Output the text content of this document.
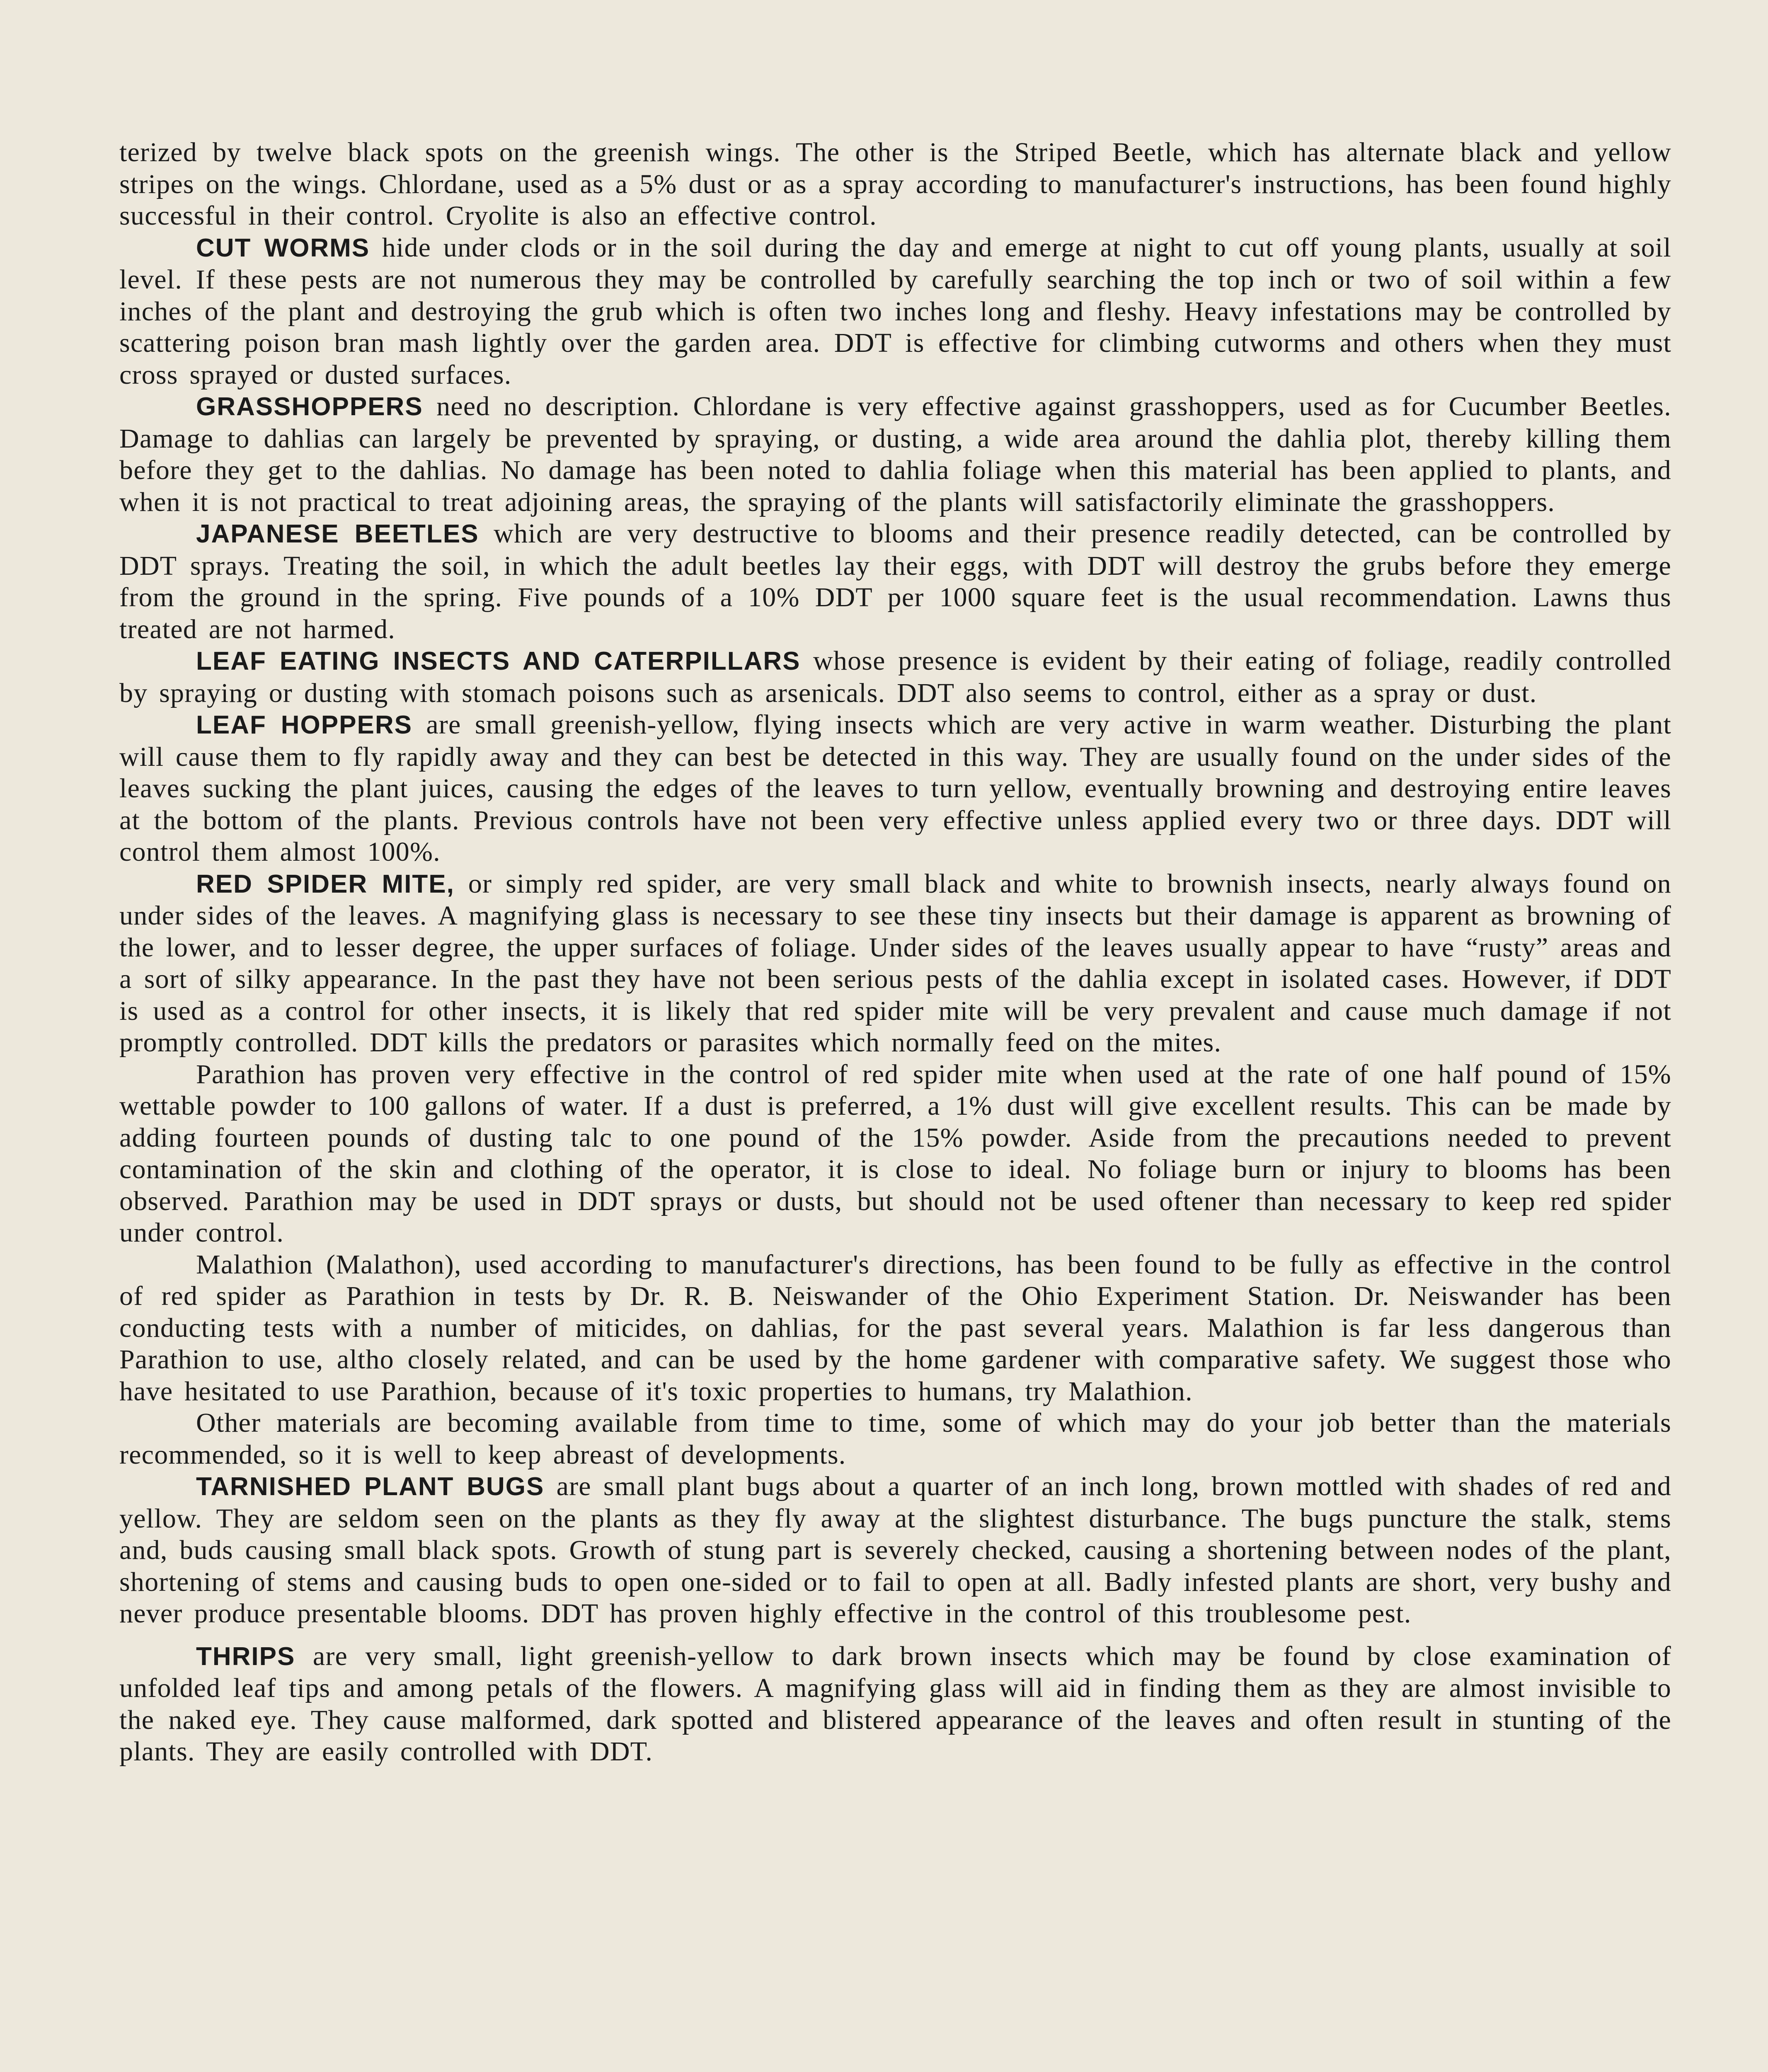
terized by twelve black spots on the greenish wings. The other is the Striped Beetle, which has alternate black and yellow stripes on the wings. Chlordane, used as a 5% dust or as a spray according to manufacturer's instructions, has been found highly successful in their control. Cryolite is also an effective control.

CUT WORMS hide under clods or in the soil during the day and emerge at night to cut off young plants, usually at soil level. If these pests are not numerous they may be controlled by carefully searching the top inch or two of soil within a few inches of the plant and destroying the grub which is often two inches long and fleshy. Heavy infestations may be controlled by scattering poison bran mash lightly over the garden area. DDT is effective for climbing cutworms and others when they must cross sprayed or dusted surfaces.

GRASSHOPPERS need no description. Chlordane is very effective against grasshoppers, used as for Cucumber Beetles. Damage to dahlias can largely be prevented by spraying, or dusting, a wide area around the dahlia plot, thereby killing them before they get to the dahlias. No damage has been noted to dahlia foliage when this material has been applied to plants, and when it is not practical to treat adjoining areas, the spraying of the plants will satisfactorily eliminate the grasshoppers.

JAPANESE BEETLES which are very destructive to blooms and their presence readily detected, can be controlled by DDT sprays. Treating the soil, in which the adult beetles lay their eggs, with DDT will destroy the grubs before they emerge from the ground in the spring. Five pounds of a 10% DDT per 1000 square feet is the usual recommendation. Lawns thus treated are not harmed.

LEAF EATING INSECTS AND CATERPILLARS whose presence is evident by their eating of foliage, readily controlled by spraying or dusting with stomach poisons such as arsenicals. DDT also seems to control, either as a spray or dust.

LEAF HOPPERS are small greenish-yellow, flying insects which are very active in warm weather. Disturbing the plant will cause them to fly rapidly away and they can best be detected in this way. They are usually found on the under sides of the leaves sucking the plant juices, causing the edges of the leaves to turn yellow, eventually browning and destroying entire leaves at the bottom of the plants. Previous controls have not been very effective unless applied every two or three days. DDT will control them almost 100%.

RED SPIDER MITE, or simply red spider, are very small black and white to brownish insects, nearly always found on under sides of the leaves. A magnifying glass is necessary to see these tiny insects but their damage is apparent as browning of the lower, and to lesser degree, the upper surfaces of foliage. Under sides of the leaves usually appear to have “rusty” areas and a sort of silky appearance. In the past they have not been serious pests of the dahlia except in isolated cases. However, if DDT is used as a control for other insects, it is likely that red spider mite will be very prevalent and cause much damage if not promptly controlled. DDT kills the predators or parasites which normally feed on the mites.

Parathion has proven very effective in the control of red spider mite when used at the rate of one half pound of 15% wettable powder to 100 gallons of water. If a dust is preferred, a 1% dust will give excellent results. This can be made by adding fourteen pounds of dusting talc to one pound of the 15% powder. Aside from the precautions needed to prevent contamination of the skin and clothing of the operator, it is close to ideal. No foliage burn or injury to blooms has been observed. Parathion may be used in DDT sprays or dusts, but should not be used oftener than necessary to keep red spider under control.

Malathion (Malathon), used according to manufacturer's directions, has been found to be fully as effective in the control of red spider as Parathion in tests by Dr. R. B. Neiswander of the Ohio Experiment Station. Dr. Neiswander has been conducting tests with a number of miticides, on dahlias, for the past several years. Malathion is far less dangerous than Parathion to use, altho closely related, and can be used by the home gardener with comparative safety. We suggest those who have hesitated to use Parathion, because of it's toxic properties to humans, try Malathion.

Other materials are becoming available from time to time, some of which may do your job better than the materials recommended, so it is well to keep abreast of developments.

TARNISHED PLANT BUGS are small plant bugs about a quarter of an inch long, brown mottled with shades of red and yellow. They are seldom seen on the plants as they fly away at the slightest disturbance. The bugs puncture the stalk, stems and, buds causing small black spots. Growth of stung part is severely checked, causing a shortening between nodes of the plant, shortening of stems and causing buds to open one-sided or to fail to open at all. Badly infested plants are short, very bushy and never produce presentable blooms. DDT has proven highly effective in the control of this troublesome pest.

THRIPS are very small, light greenish-yellow to dark brown insects which may be found by close examination of unfolded leaf tips and among petals of the flowers. A magnifying glass will aid in finding them as they are almost invisible to the naked eye. They cause malformed, dark spotted and blistered appearance of the leaves and often result in stunting of the plants. They are easily controlled with DDT.
